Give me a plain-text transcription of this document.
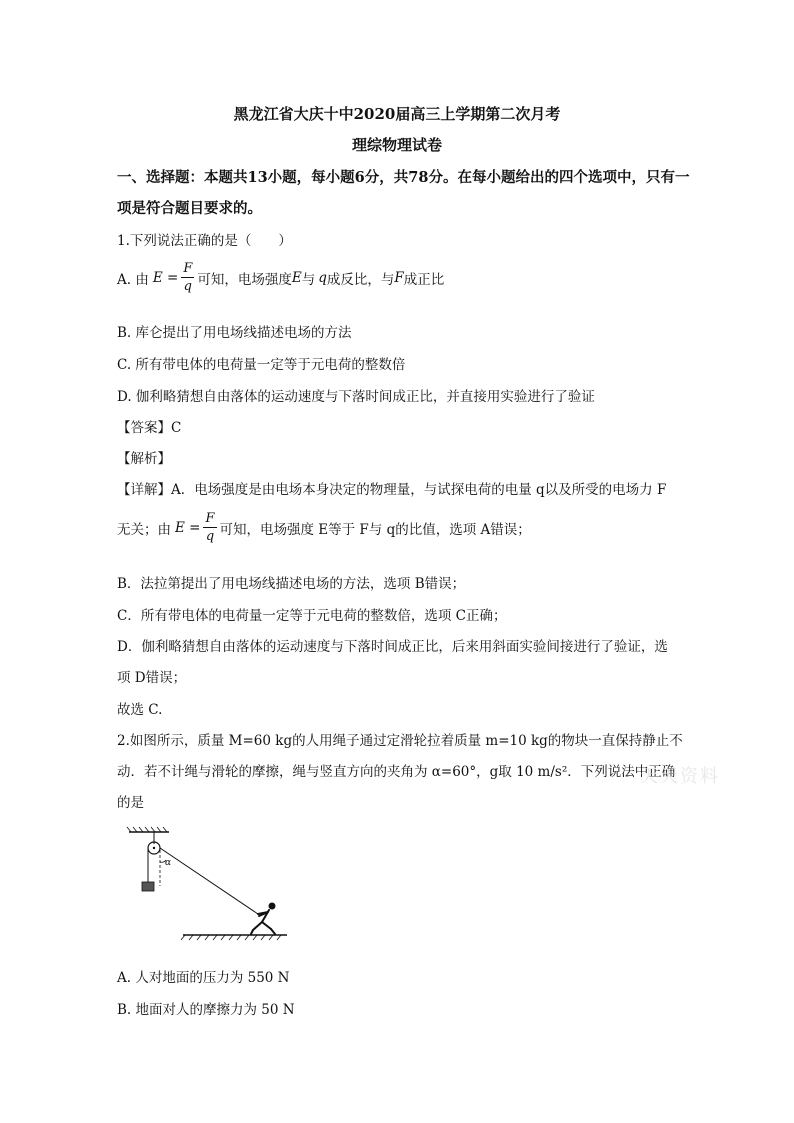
黑龙江省大庆十中2020届高三上学期第二次月考
理综物理试卷
一、选择题：本题共13小题，每小题6分，共78分。在每小题给出的四个选项中，只有一
项是符合题目要求的。
1.下列说法正确的是（　　）
A. 由 $E = \frac{F}{q}$ 可知，电场强度 E 与 q 成反比，与 F 成正比
B. 库仑提出了用电场线描述电场的方法
C. 所有带电体的电荷量一定等于元电荷的整数倍
D. 伽利略猜想自由落体的运动速度与下落时间成正比，并直接用实验进行了验证
【答案】C
【解析】
【详解】A．电场强度是由电场本身决定的物理量，与试探电荷的电量 q以及所受的电场力 F
无关；由 $E = \frac{F}{q}$ 可知，电场强度 E等于 F与 q的比值，选项 A错误；
B．法拉第提出了用电场线描述电场的方法，选项 B错误；
C．所有带电体的电荷量一定等于元电荷的整数倍，选项 C正确；
D．伽利略猜想自由落体的运动速度与下落时间成正比，后来用斜面实验间接进行了验证，选
项 D错误；
故选 C.
2.如图所示，质量 M=60 kg的人用绳子通过定滑轮拉着质量 m=10 kg的物块一直保持静止不
动．若不计绳与滑轮的摩擦，绳与竖直方向的夹角为 α=60°，g取 10 m/s²．下列说法中正确
的是
天天资料
α
A. 人对地面的压力为 550 N
B. 地面对人的摩擦力为 50 N
